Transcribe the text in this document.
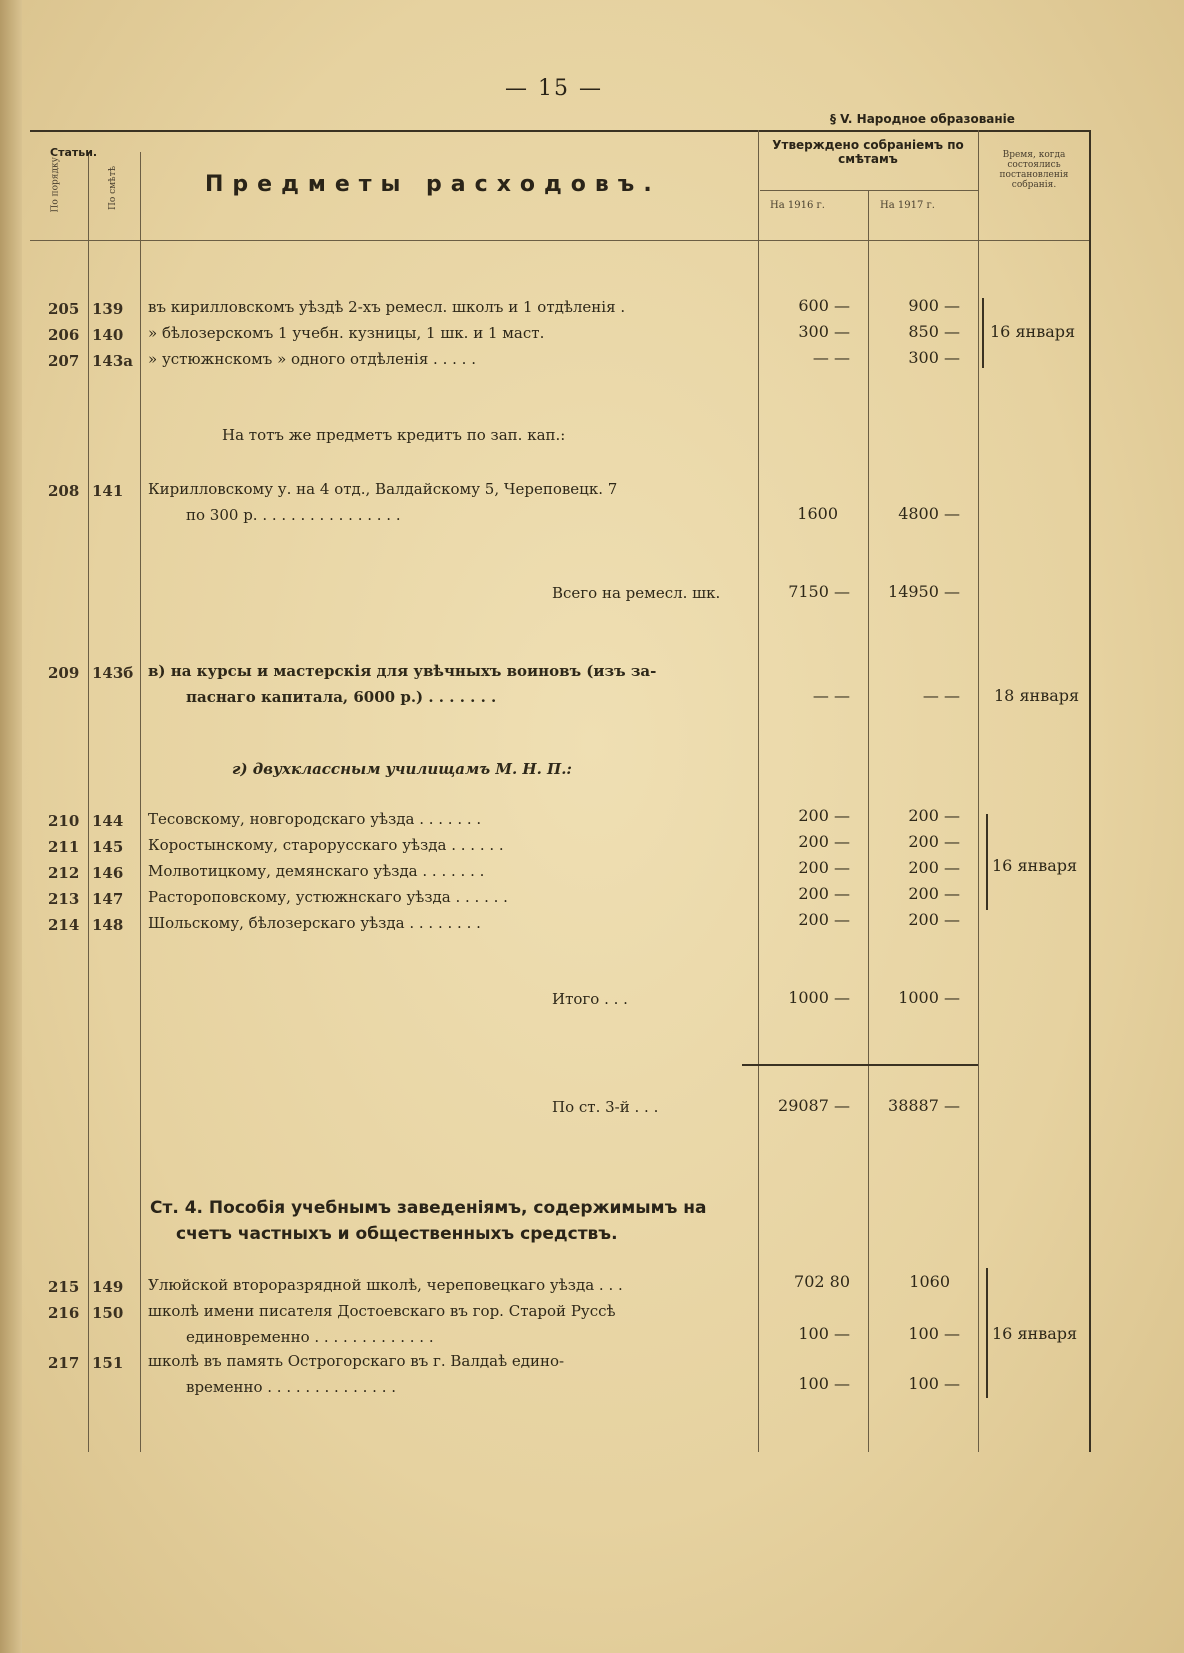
— 15 —
§ V. Народное образованіе
Статьи.
По порядку	По смѣтѣ	Предметы расходовъ.
Утверждено собраніемъ по смѣтамъ
На 1916 г.	На 1917 г.
Время, когда состоялись постановленія собранія.
205 139 въ кирилловскомъ уѣздѣ 2-хъ ремесл. школъ и 1 отдѣленія .	600 —	900 —
206 140 » бѣлозерскомъ 1 учебн. кузницы, 1 шк. и 1 маст.	300 —	850 —
207 143а » устюжнскомъ » одного отдѣленія . . . . .	— —	300 —
16 января
На тотъ же предметъ кредитъ по зап. кап.:
208 141 Кирилловскому у. на 4 отд., Валдайскому 5, Череповецк. 7
по 300 р. . . . . . . . . . . . . . . .	1600	4800 —
Всего на ремесл. шк.	7150 —	14950 —
209 143б в) на курсы и мастерскія для увѣчныхъ воиновъ (изъ за-
паснаго капитала, 6000 р.) . . . . . . .	— —	— — 18 января
г) двухклассным училищамъ М. Н. П.:
210 144 Тесовскому, новгородскаго уѣзда . . . . . . .	200 —	200 —
211 145 Коростынскому, старорусскаго уѣзда . . . . . .	200 —	200 —
212 146 Молвотицкому, демянскаго уѣзда . . . . . . .	200 —	200 —
213 147 Растороповскому, устюжнскаго уѣзда . . . . . .	200 —	200 —
214 148 Шольскому, бѣлозерскаго уѣзда . . . . . . . .	200 —	200 —
16 января
Итого . . .	1000 —	1000 —
По ст. 3-й . . .	29087 —	38887 —
Ст. 4. Пособія учебнымъ заведеніямъ, содержимымъ на
счетъ частныхъ и общественныхъ средствъ.
215 149 Улюйской второразрядной школѣ, череповецкаго уѣзда . . .	702 80	1060
216 150 школѣ имени писателя Достоевскаго въ гор. Старой Руссѣ
единовременно . . . . . . . . . . . . .	100 —	100 —
217 151 школѣ въ память Острогорскаго въ г. Валдаѣ едино-
временно . . . . . . . . . . . . . .	100 —	100 —
16 января
